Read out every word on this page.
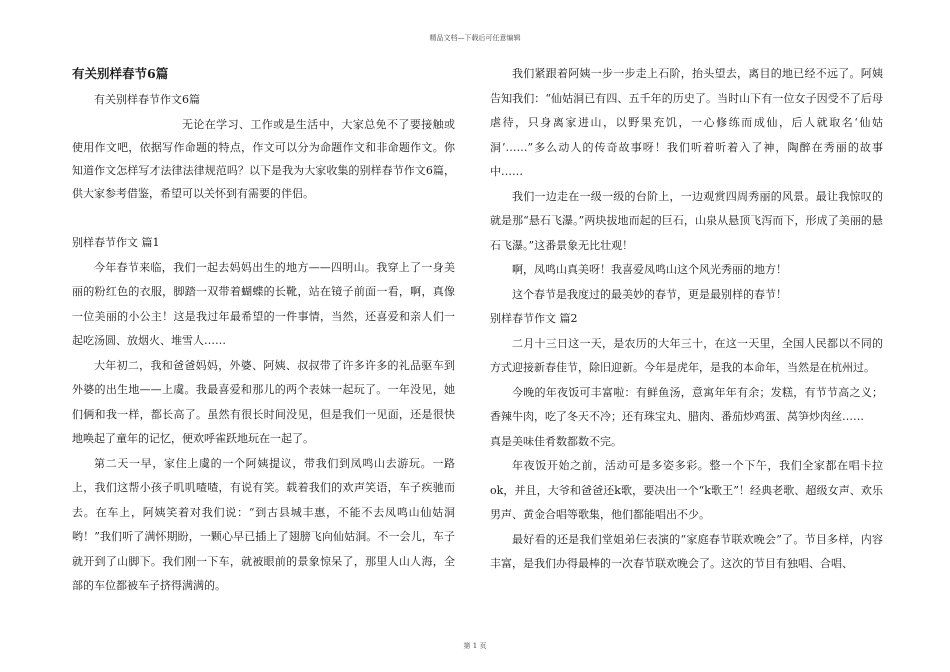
精品文档—下载后可任意编辑

有关别样春节6篇

有关别样春节作文6篇

无论在学习、工作或是生活中，大家总免不了要接触或使用作文吧，依据写作命题的特点，作文可以分为命题作文和非命题作文。你知道作文怎样写才法律法律规范吗？以下是我为大家收集的别样春节作文6篇，供大家参考借鉴，希望可以关怀到有需要的伴侣。

别样春节作文 篇1

今年春节来临，我们一起去妈妈出生的地方——四明山。我穿上了一身美丽的粉红色的衣服，脚踏一双带着蝴蝶的长靴，站在镜子前面一看，啊，真像一位美丽的小公主！这是我过年最希望的一件事情，当然，还喜爱和亲人们一起吃汤圆、放烟火、堆雪人……

大年初二，我和爸爸妈妈，外婆、阿姨、叔叔带了许多许多的礼品驱车到外婆的出生地——上虞。我最喜爱和那儿的两个表妹一起玩了。一年没见，她们俩和我一样，都长高了。虽然有很长时间没见，但是我们一见面，还是很快地唤起了童年的记忆，便欢呼雀跃地玩在一起了。

第二天一早，家住上虞的一个阿姨提议，带我们到凤鸣山去游玩。一路上，我们这帮小孩子叽叽喳喳，有说有笑。载着我们的欢声笑语，车子疾驰而去。在车上，阿姨笑着对我们说：“到古县城丰惠，不能不去凤鸣山仙姑洞哟！”我们听了满怀期盼，一颗心早已插上了翅膀飞向仙姑洞。不一会儿，车子就开到了山脚下。我们刚一下车，就被眼前的景象惊呆了，那里人山人海，全部的车位都被车子挤得满满的。

我们紧跟着阿姨一步一步走上石阶，抬头望去，离目的地已经不远了。阿姨告知我们：“仙姑洞已有四、五千年的历史了。当时山下有一位女子因受不了后母虐待，只身离家进山，以野果充饥，一心修练而成仙，后人就取名‘仙姑洞’……”多么动人的传奇故事呀！我们听着听着入了神，陶醉在秀丽的故事中……

我们一边走在一级一级的台阶上，一边观赏四周秀丽的风景。最让我惊叹的就是那“悬石飞瀑。”两块拔地而起的巨石，山泉从悬顶飞泻而下，形成了美丽的悬石飞瀑。”这番景象无比壮观！

啊，凤鸣山真美呀！我喜爱凤鸣山这个风光秀丽的地方！

这个春节是我度过的最美妙的春节，更是最别样的春节！

别样春节作文 篇2

二月十三日这一天，是农历的大年三十，在这一天里，全国人民都以不同的方式迎接新春佳节，除旧迎新。今年是虎年，是我的本命年，当然是在杭州过。

今晚的年夜饭可丰富啦：有鲜鱼汤，意寓年年有余；发糕，有节节高之义；香辣牛肉，吃了冬天不冷；还有珠宝丸、腊肉、番茄炒鸡蛋、莴笋炒肉丝……

真是美味佳肴数都数不完。

年夜饭开始之前，活动可是多姿多彩。整一个下午，我们全家都在唱卡拉ok，并且，大爷和爸爸还k歌，要决出一个“k歌王”！经典老歌、超级女声、欢乐男声、黄金合唱等歌集，他们都能唱出不少。

最好看的还是我们堂姐弟仨表演的“家庭春节联欢晚会”了。节目多样，内容丰富，是我们办得最棒的一次春节联欢晚会了。这次的节目有独唱、合唱、

第 1 页
